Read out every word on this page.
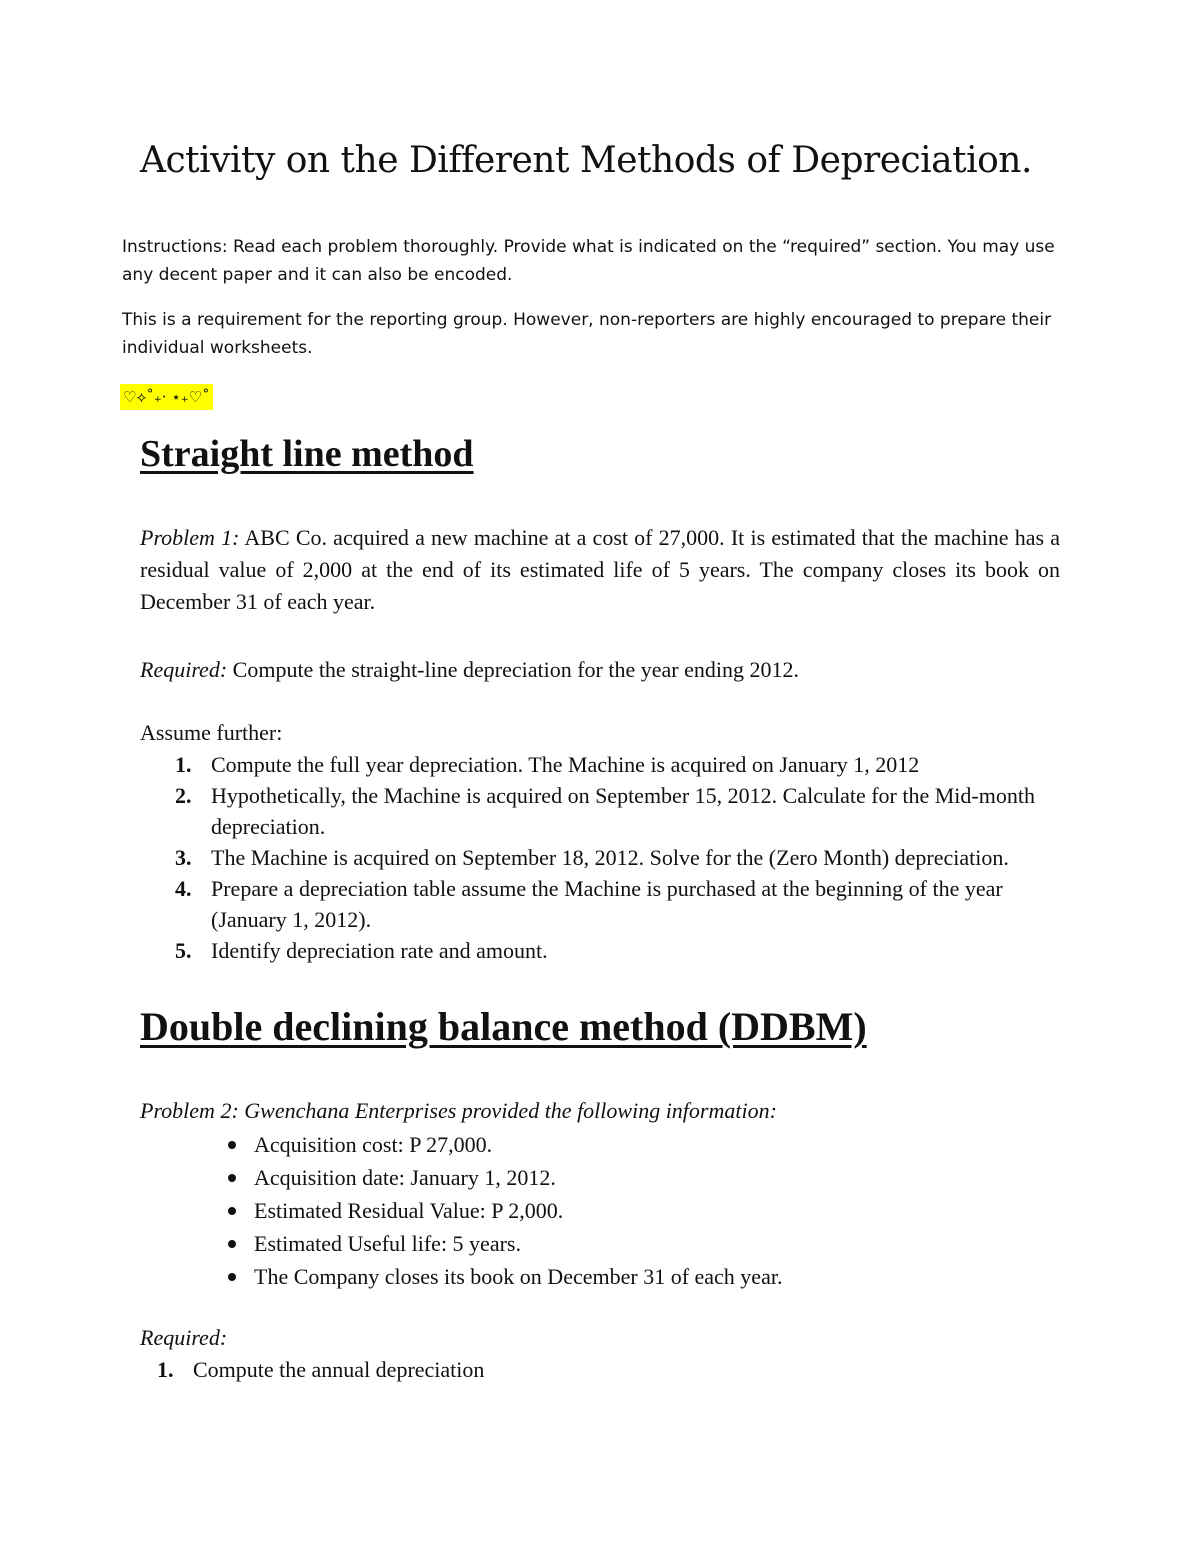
Activity on the Different Methods of Depreciation.

Instructions: Read each problem thoroughly. Provide what is indicated on the “required” section. You may use any decent paper and it can also be encoded.

This is a requirement for the reporting group. However, non-reporters are highly encouraged to prepare their individual worksheets.

♡⟡˚₊‧ ⋆₊♡˚
Straight line method

Problem 1: ABC Co. acquired a new machine at a cost of 27,000. It is estimated that the machine has a residual value of 2,000 at the end of its estimated life of 5 years. The company closes its book on December 31 of each year.

Required: Compute the straight-line depreciation for the year ending 2012.

Assume further:

1. Compute the full year depreciation. The Machine is acquired on January 1, 2012
2. Hypothetically, the Machine is acquired on September 15, 2012. Calculate for the Mid-month depreciation.
3. The Machine is acquired on September 18, 2012. Solve for the (Zero Month) depreciation.
4. Prepare a depreciation table assume the Machine is purchased at the beginning of the year (January 1, 2012).
5. Identify depreciation rate and amount.
Double declining balance method (DDBM)

Problem 2: Gwenchana Enterprises provided the following information:

Acquisition cost: P 27,000.
Acquisition date: January 1, 2012.
Estimated Residual Value: P 2,000.
Estimated Useful life: 5 years.
The Company closes its book on December 31 of each year.

Required:

1. Compute the annual depreciation
